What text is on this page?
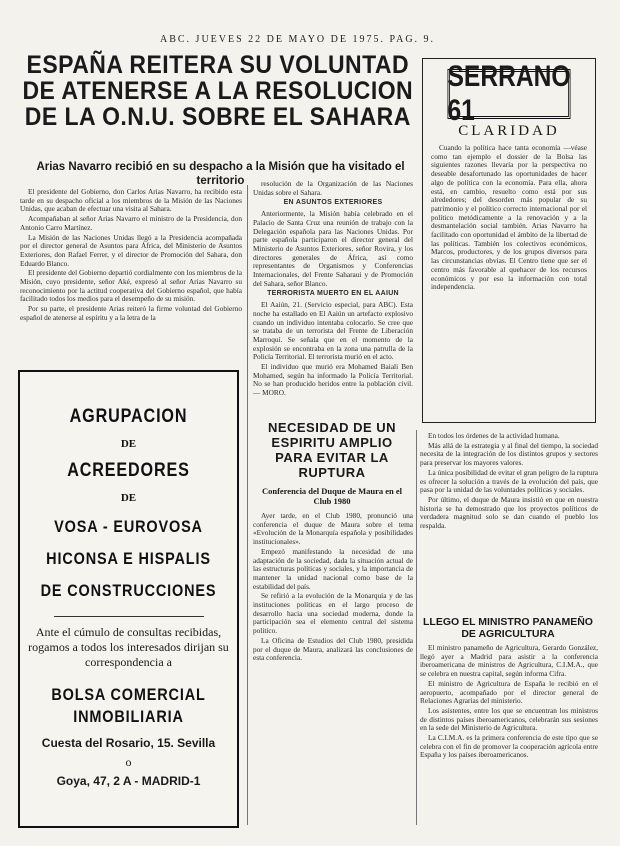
ABC. JUEVES 22 DE MAYO DE 1975. PAG. 9.
ESPAÑA REITERA SU VOLUNTAD DE ATENERSE A LA RESOLUCION DE LA O.N.U. SOBRE EL SAHARA
Arias Navarro recibió en su despacho a la Misión que ha visitado el territorio

El presidente del Gobierno, don Carlos Arias Navarro, ha recibido esta tarde en su despacho oficial a los miembros de la Misión de las Naciones Unidas, que acaban de efectuar una visita al Sahara.

Acompañaban al señor Arias Navarro el ministro de la Presidencia, don Antonio Carro Martínez.

La Misión de las Naciones Unidas llegó a la Presidencia acompañada por el director general de Asuntos para África, del Ministerio de Asuntos Exteriores, don Rafael Ferrer, y el director de Promoción del Sahara, don Eduardo Blanco.

El presidente del Gobierno departió cordialmente con los miembros de la Misión, cuyo presidente, señor Aké, expresó al señor Arias Navarro su reconocimiento por la actitud cooperativa del Gobierno español, que había facilitado todos los medios para el desempeño de su misión.

Por su parte, el presidente Arias reiteró la firme voluntad del Gobierno español de atenerse al espíritu y a la letra de la

resolución de la Organización de las Naciones Unidas sobre el Sahara.

EN ASUNTOS EXTERIORES

Anteriormente, la Misión había celebrado en el Palacio de Santa Cruz una reunión de trabajo con la Delegación española para las Naciones Unidas. Por parte española participaron el director general del Ministerio de Asuntos Exteriores, señor Rovira, y los directores generales de África, así como representantes de Organismos y Conferencias Internacionales, del Frente Saharaui y de Promoción del Sahara, señor Blanco.

TERRORISTA MUERTO EN EL AAIUN

El Aaiún, 21. (Servicio especial, para ABC). Esta noche ha estallado en El Aaiún un artefacto explosivo cuando un individuo intentaba colocarlo. Se cree que se trataba de un terrorista del Frente de Liberación Marroquí. Se señala que en el momento de la explosión se encontraba en la zona una patrulla de la Policía Territorial. El terrorista murió en el acto.

El individuo que murió era Mohamed Baiali Ben Mohamed, según ha informado la Policía Territorial. No se han producido heridos entre la población civil. — MORO.

AGRUPACION
DE
ACREEDORES
DE
VOSA - EUROVOSA
HICONSA E HISPALIS
DE CONSTRUCCIONES
Ante el cúmulo de consultas recibidas, rogamos a todos los interesados dirijan su correspondencia a
BOLSA COMERCIAL
INMOBILIARIA
Cuesta del Rosario, 15. Sevilla
o
Goya, 47, 2 A - MADRID-1
SERRANO 61
CLARIDAD

Cuando la política hace tanta economía —véase como tan ejemplo el dossier de la Bolsa las siguientes razones llevaría por la perspectiva no deseable desafortunado las oportunidades de hacer algo de política con la economía. Para ella, ahora está, en cambio, resuelto como está por sus alrededores; del desorden más popular de su patrimonio y el político correcto internacional por el político metódicamente a la renovación y a la desmantelación social también. Arias Navarro ha facilitado con oportunidad el ámbito de la libertad de las políticas. También los colectivos económicos, Marcos, productores, y de los grupos diversos para las circunstancias obvias. El Centro tiene que ser el centro más favorable al quehacer de los recursos económicos y por eso la información con total independencia.

NECESIDAD DE UN ESPIRITU AMPLIO PARA EVITAR LA RUPTURA
Conferencia del Duque de Maura en el Club 1980

Ayer tarde, en el Club 1980, pronunció una conferencia el duque de Maura sobre el tema «Evolución de la Monarquía española y posibilidades institucionales».

Empezó manifestando la necesidad de una adaptación de la sociedad, dada la situación actual de las estructuras políticas y sociales, y la importancia de mantener la unidad nacional como base de la estabilidad del país.

Se refirió a la evolución de la Monarquía y de las instituciones políticas en el largo proceso de desarrollo hacia una sociedad moderna, donde la participación sea el elemento central del sistema político.

La Oficina de Estudios del Club 1980, presidida por el duque de Maura, analizará las conclusiones de esta conferencia.

En todos los órdenes de la actividad humana.

Más allá de la estrategia y al final del tiempo, la sociedad necesita de la integración de los distintos grupos y sectores para preservar los mayores valores.

La única posibilidad de evitar el gran peligro de la ruptura es ofrecer la solución a través de la evolución del país, que pasa por la unidad de las voluntades políticas y sociales.

Por último, el duque de Maura insistió en que en nuestra historia se ha demostrado que los proyectos políticos de verdadera magnitud solo se dan cuando el pueblo los respalda.

LLEGO EL MINISTRO PANAMEÑO DE AGRICULTURA

El ministro panameño de Agricultura, Gerardo González, llegó ayer a Madrid para asistir a la conferencia iberoamericana de ministros de Agricultura, C.I.M.A., que se celebra en nuestra capital, según informa Cifra.

El ministro de Agricultura de España le recibió en el aeropuerto, acompañado por el director general de Relaciones Agrarias del ministerio.

Los asistentes, entre los que se encuentran los ministros de distintos países iberoamericanos, celebrarán sus sesiones en la sede del Ministerio de Agricultura.

La C.I.M.A. es la primera conferencia de este tipo que se celebra con el fin de promover la cooperación agrícola entre España y los países iberoamericanos.
